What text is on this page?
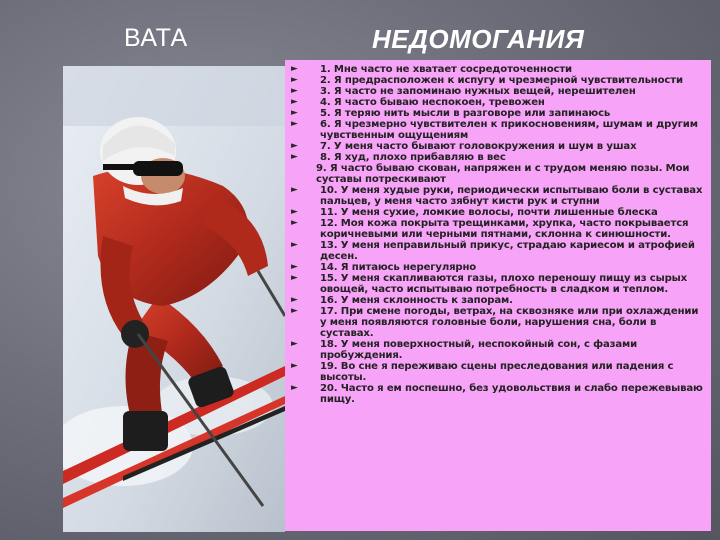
ВАТА	НЕДОМОГАНИЯ
► 1. Мне часто не хватает сосредоточенности
► 2. Я предрасположен к испугу и чрезмерной чувствительности
► 3. Я часто не запоминаю нужных вещей, нерешителен
► 4. Я часто бываю неспокоен, тревожен
► 5. Я теряю нить мысли в разговоре или запинаюсь
► 6. Я чрезмерно чувствителен к прикосновениям, шумам и другим чувственным ощущениям
► 7. У меня часто бывают головокружения и шум в ушах
► 8. Я худ, плохо прибавляю в вес
9. Я часто бываю скован, напряжен и с трудом меняю позы. Мои суставы потрескивают
► 10. У меня худые руки, периодически испытываю боли в суставах пальцев, у меня часто зябнут кисти рук и ступни
► 11. У меня сухие, ломкие волосы, почти лишенные блеска
► 12. Моя кожа покрыта трещинками, хрупка, часто покрывается коричневыми или черными пятнами, склонна к синюшности.
► 13. У меня неправильный прикус, страдаю кариесом и атрофией десен.
► 14. Я питаюсь нерегулярно
► 15. У меня скапливаются газы, плохо переношу пищу из сырых овощей, часто испытываю потребность в сладком и теплом.
► 16. У меня склонность к запорам.
► 17. При смене погоды, ветрах, на сквозняке или при охлаждении у меня появляются головные боли, нарушения сна, боли в суставах.
► 18. У меня поверхностный, неспокойный сон, с фазами пробуждения.
► 19. Во сне я переживаю сцены преследования или падения с высоты.
► 20. Часто я ем поспешно, без удовольствия и слабо пережевываю пищу.
